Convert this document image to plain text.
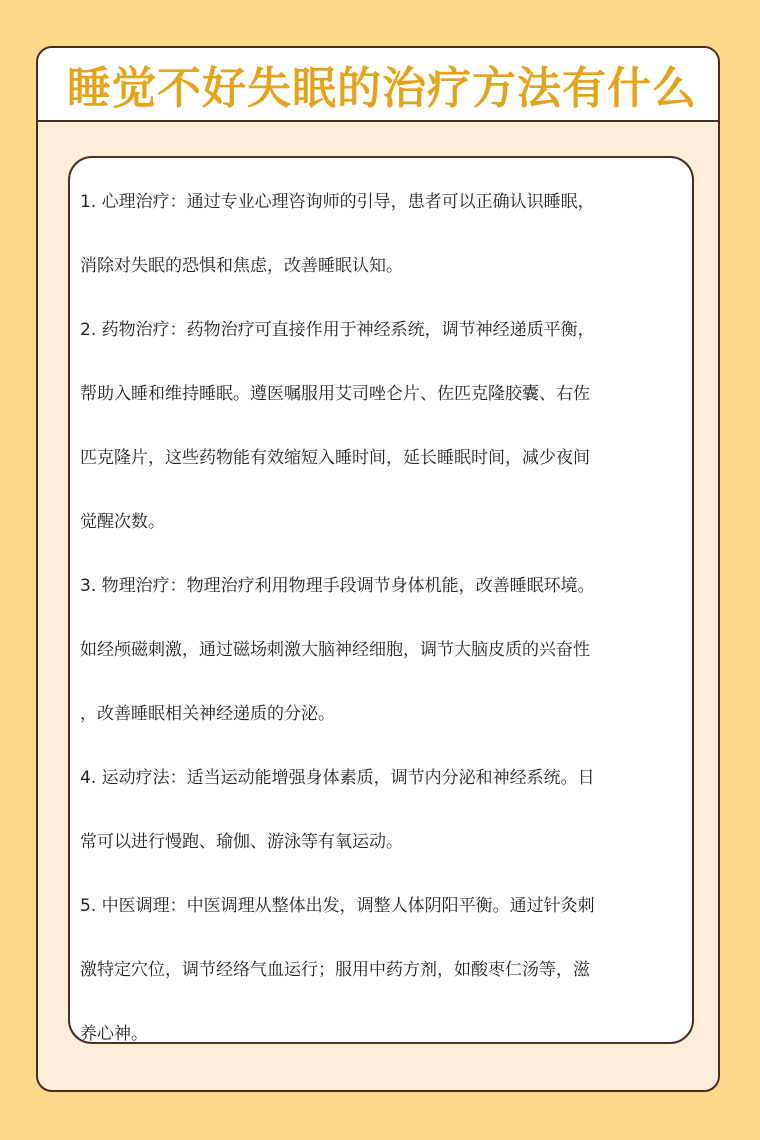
睡觉不好失眠的治疗方法有什么

1. 心理治疗：通过专业心理咨询师的引导，患者可以正确认识睡眠，

消除对失眠的恐惧和焦虑，改善睡眠认知。

2. 药物治疗：药物治疗可直接作用于神经系统，调节神经递质平衡，

帮助入睡和维持睡眠。遵医嘱服用艾司唑仑片、佐匹克隆胶囊、右佐

匹克隆片，这些药物能有效缩短入睡时间，延长睡眠时间，减少夜间

觉醒次数。

3. 物理治疗：物理治疗利用物理手段调节身体机能，改善睡眠环境。

如经颅磁刺激，通过磁场刺激大脑神经细胞，调节大脑皮质的兴奋性

，改善睡眠相关神经递质的分泌。

4. 运动疗法：适当运动能增强身体素质，调节内分泌和神经系统。日

常可以进行慢跑、瑜伽、游泳等有氧运动。

5. 中医调理：中医调理从整体出发，调整人体阴阳平衡。通过针灸刺

激特定穴位，调节经络气血运行；服用中药方剂，如酸枣仁汤等，滋

养心神。
